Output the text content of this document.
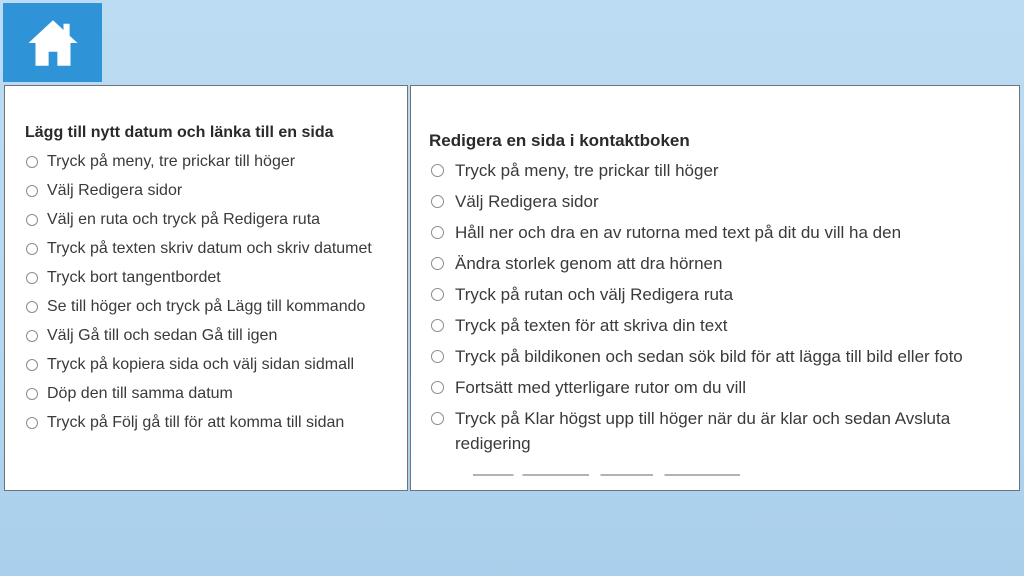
Lägg till nytt datum och länka till en sida
Tryck på meny, tre prickar till höger
Välj Redigera sidor
Välj en ruta och tryck på Redigera ruta
Tryck på texten skriv datum och skriv datumet
Tryck bort tangentbordet
Se till höger och tryck på Lägg till kommando
Välj Gå till och sedan Gå till igen
Tryck på kopiera sida och välj sidan sidmall
Döp den till samma datum
Tryck på Följ gå till för att komma till sidan
Redigera en sida i kontaktboken
Tryck på meny, tre prickar till höger
Välj Redigera sidor
Håll ner och dra en av rutorna med text på dit du vill ha den
Ändra storlek genom att dra hörnen
Tryck på rutan och välj Redigera ruta
Tryck på texten för att skriva din text
Tryck på bildikonen och sedan sök bild för att lägga till bild eller foto
Fortsätt med ytterligare rutor om du vill
Tryck på Klar högst upp till höger när du är klar och sedan Avsluta redigering
